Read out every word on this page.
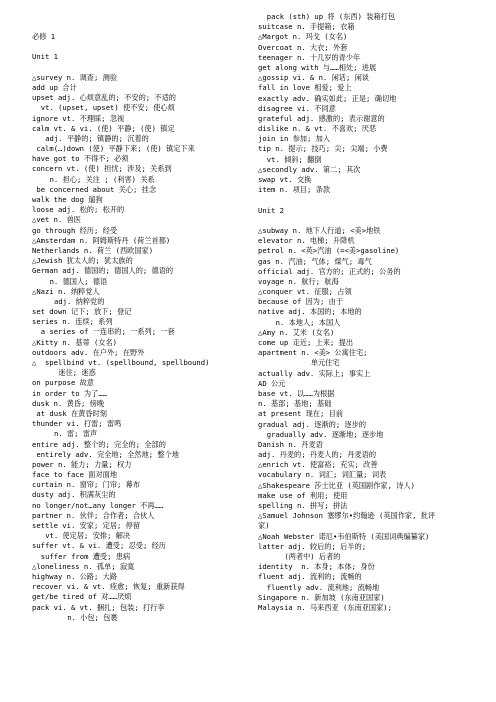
必修 1
Unit 1
△survey n. 调查; 测验
add up 合计
upset adj. 心烦意乱的; 不安的; 不适的
vt. (upset, upset) 使不安; 使心烦
ignore vt. 不理睬; 忽视
calm vt. & vi. (使) 平静; (使) 镇定
adj. 平静的; 镇静的; 沉着的
calm(…)down (使) 平静下来; (使) 镇定下来
have got to 不得不; 必须
concern vt. (使) 担忧; 涉及; 关系到
n. 担心; 关注 ; (利害) 关系
be concerned about 关心; 挂念
walk the dog 遛狗
loose adj. 松的; 松开的
△vet n. 兽医
go through 经历; 经受
△Amsterdam n. 阿姆斯特丹 (荷兰首都)
Netherlands n. 荷兰 (西欧国家)
△Jewish 犹太人的; 犹太族的
German adj. 德国的; 德国人的; 德语的
n. 德国人; 德语
△Nazi n. 纳粹党人
adj. 纳粹党的
set down 记下; 放下; 登记
series n. 连续; 系列
a series of 一连串的; 一系列; 一套
△Kitty n. 基蒂 (女名)
outdoors adv. 在户外; 在野外
△  spellbind vt. (spellbound, spellbound)
迷住; 迷惑
on purpose 故意
in order to 为了……
dusk n. 黄昏; 傍晚
at dusk 在黄昏时刻
thunder vi. 打雷; 雷鸣
n. 雷; 雷声
entire adj. 整个的; 完全的; 全部的
entirely adv. 完全地; 全然地; 整个地
power n. 能力; 力量; 权力
face to face 面对面地
curtain n. 窗帘; 门帘; 幕布
dusty adj. 积满灰尘的
no longer/not…any longer 不再……
partner n. 伙伴; 合作者; 合伙人
settle vi. 安家; 定居; 停留
vt. 使定居; 安排; 解决
suffer vt. & vi. 遭受; 忍受; 经历
suffer from 遭受; 患病
△loneliness n. 孤单; 寂寞
highway n. 公路; 大路
recover vi. & vt. 痊愈; 恢复; 重新获得
get/be tired of 对……厌烦
pack vi. & vt. 捆扎; 包装; 打行李
n. 小包; 包裹
pack (sth) up 将 (东西) 装箱打包
suitcase n. 手提箱; 衣箱
△Margot n. 玛戈 (女名)
Overcoat n. 大衣; 外套
teenager n. 十几岁的青少年
get along with 与……相处; 进展
△gossip vi. & n. 闲话; 闲谈
fall in love 相爱; 爱上
exactly adv. 确实如此; 正是; 确切地
disagree vi. 不同意
grateful adj. 感激的; 表示谢意的
dislike n. & vt. 不喜欢; 厌恶
join in 参加; 加入
tip n. 提示; 技巧; 尖; 尖端; 小费
vt. 倾斜; 翻倒
△secondly adv. 第二; 其次
swap vt. 交换
item n. 项目; 条款
Unit 2
△subway n. 地下人行道; <美>地铁
elevator n. 电梯; 升降机
petrol n. <英>汽油 (=<美>gasoline)
gas n. 汽油; 气体; 煤气; 毒气
official adj. 官方的; 正式的; 公务的
voyage n. 航行; 航海
△conquer vt. 征服; 占领
because of 因为; 由于
native adj. 本国的; 本地的
n. 本地人; 本国人
△Amy n. 艾米 (女名)
come up 走近; 上来; 提出
apartment n. <美> 公寓住宅;
单元住宅
actually adv. 实际上; 事实上
AD 公元
base vt. 以……为根据
n. 基部; 基地; 基础
at present 现在; 目前
gradual adj. 逐渐的; 逐步的
gradually adv. 逐渐地; 逐步地
Danish n. 丹麦语
adj. 丹麦的; 丹麦人的; 丹麦语的
△enrich vt. 使富裕; 充实; 改善
vocabulary n. 词汇; 词汇量; 词表
△Shakespeare 莎士比亚 (英国剧作家, 诗人)
make use of 利用; 使用
spelling n. 拼写; 拼法
△Samuel Johnson 塞缪尔•约翰逊 (英国作家, 批评
家)
△Noah Webster 诺厄•韦伯斯特 (美国词典编纂家)
latter adj. 较后的; 后半的;
(两者中) 后者的
identity  n. 本身; 本体; 身份
fluent adj. 流利的; 流畅的
fluently adv. 流利地; 流畅地
Singapore n. 新加坡 (东南亚国家)
Malaysia n. 马来西亚 (东南亚国家);
